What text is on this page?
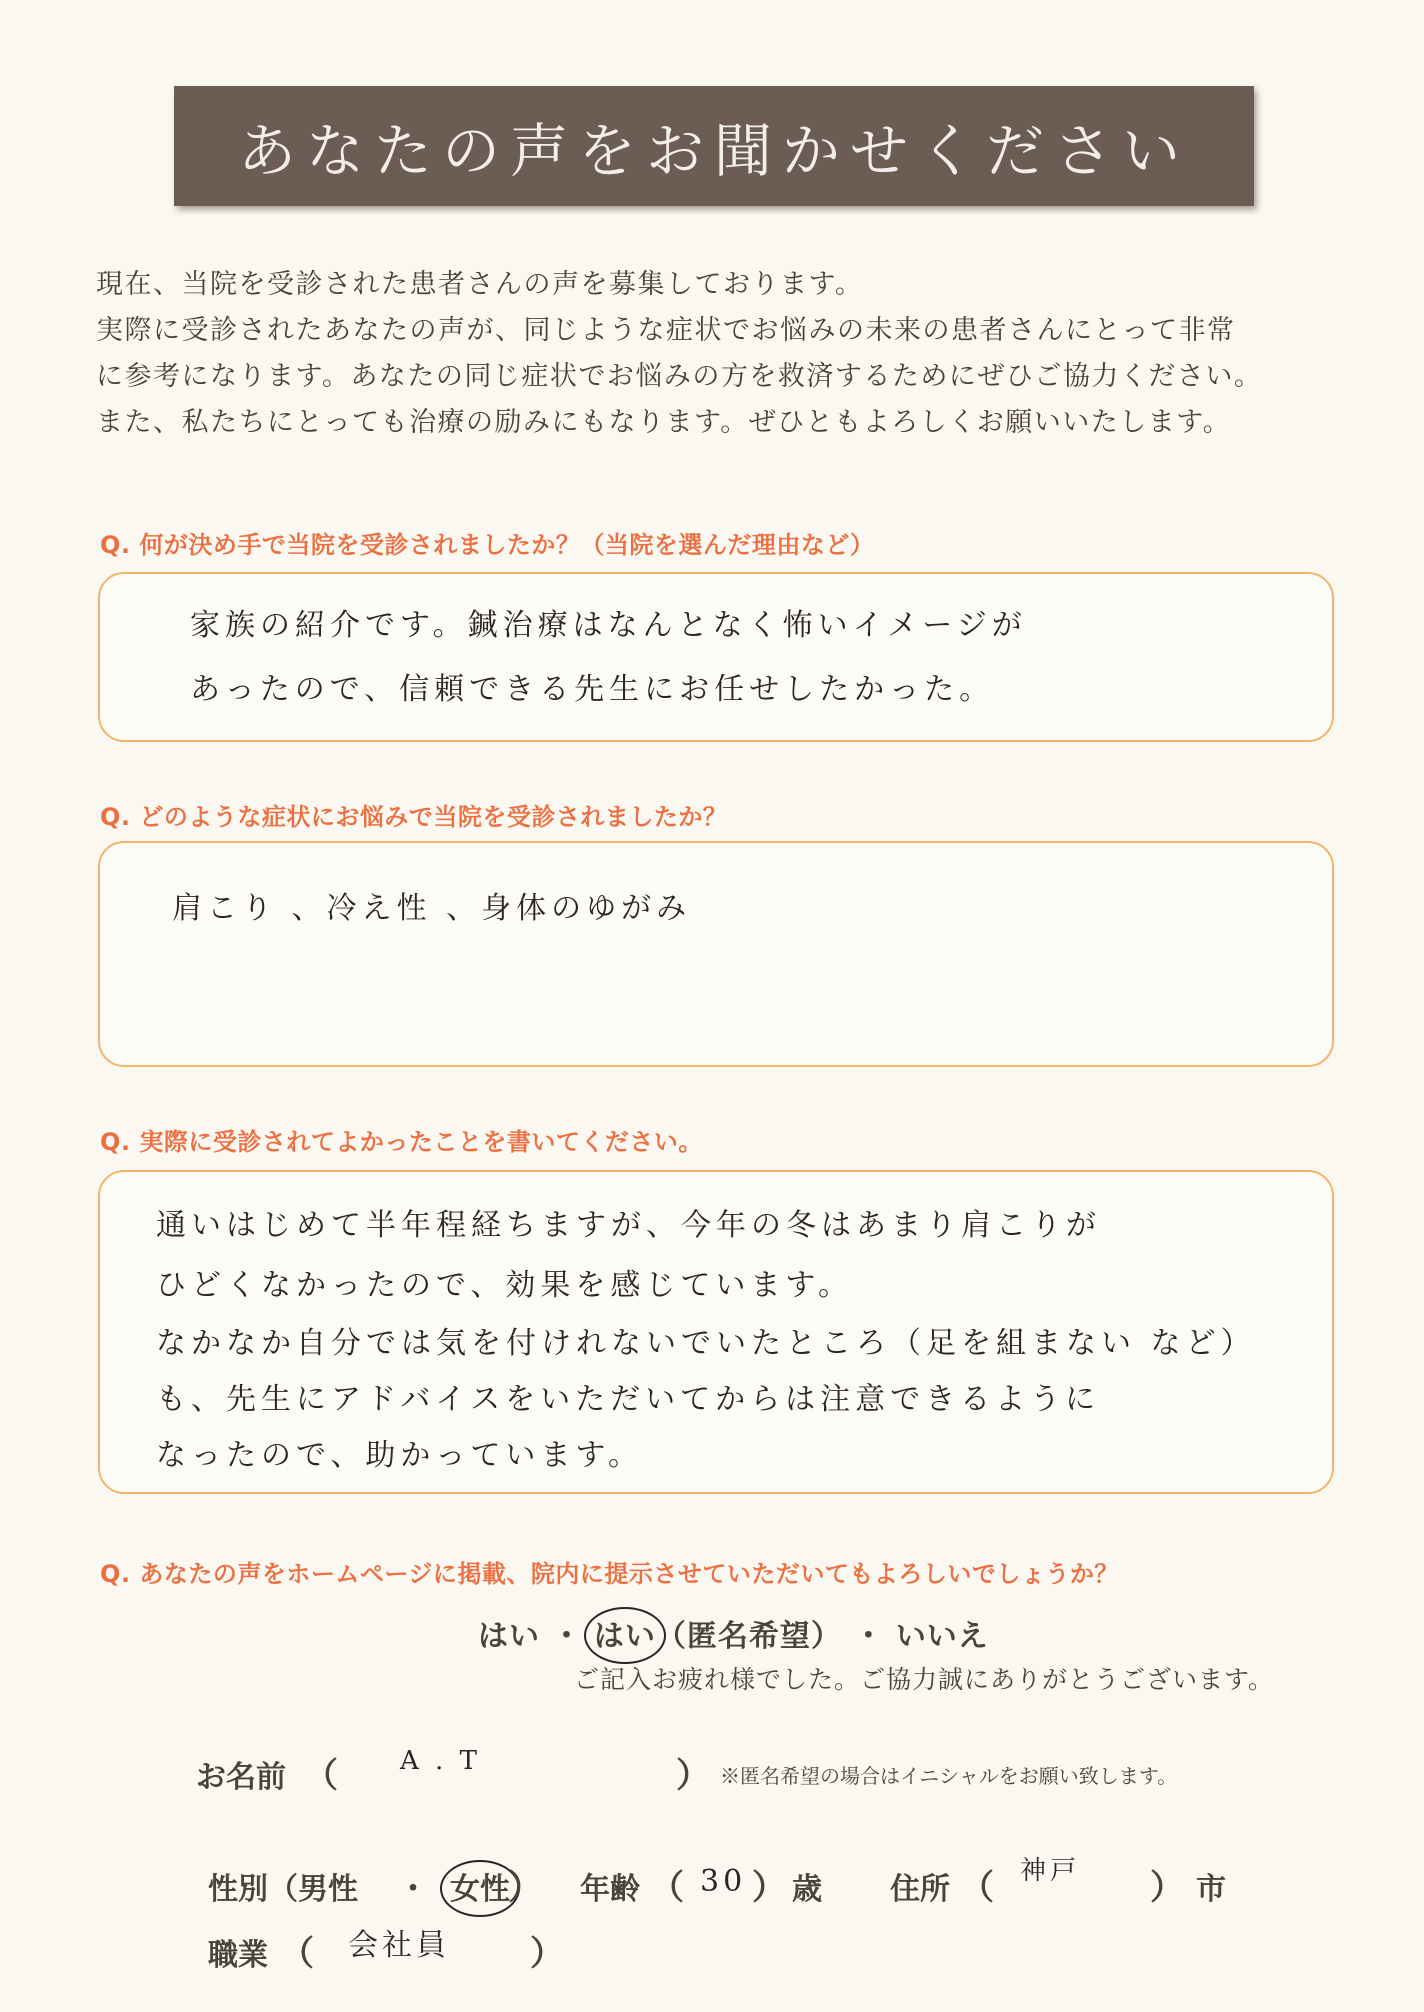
あなたの声をお聞かせください

現在、当院を受診された患者さんの声を募集しております。

実際に受診されたあなたの声が、同じような症状でお悩みの未来の患者さんにとって非常

に参考になります。あなたの同じ症状でお悩みの方を救済するためにぜひご協力ください。

また、私たちにとっても治療の励みにもなります。ぜひともよろしくお願いいたします。

Q. 何が決め手で当院を受診されましたか？（当院を選んだ理由など）
家族の紹介です。鍼治療はなんとなく怖いイメージが
あったので、信頼できる先生にお任せしたかった。
Q. どのような症状にお悩みで当院を受診されましたか？
肩こり 、冷え性 、身体のゆがみ
Q. 実際に受診されてよかったことを書いてください。
通いはじめて半年程経ちますが、今年の冬はあまり肩こりが
ひどくなかったので、効果を感じています。
なかなか自分では気を付けれないでいたところ（足を組まない など）
も、先生にアドバイスをいただいてからは注意できるように
なったので、助かっています。
Q. あなたの声をホームページに掲載、院内に提示させていただいてもよろしいでしょうか？
はい ・ はい（匿名希望） ・ いいえ
ご記入お疲れ様でした。ご協力誠にありがとうございます。
お名前 （ A . T	） ※匿名希望の場合はイニシャルをお願い致します。
性別（男性 ・ 女性
） 年齢 （ 30 ） 歳 住所 （ 神戸 ） 市
職業 （ 会社員 ）
